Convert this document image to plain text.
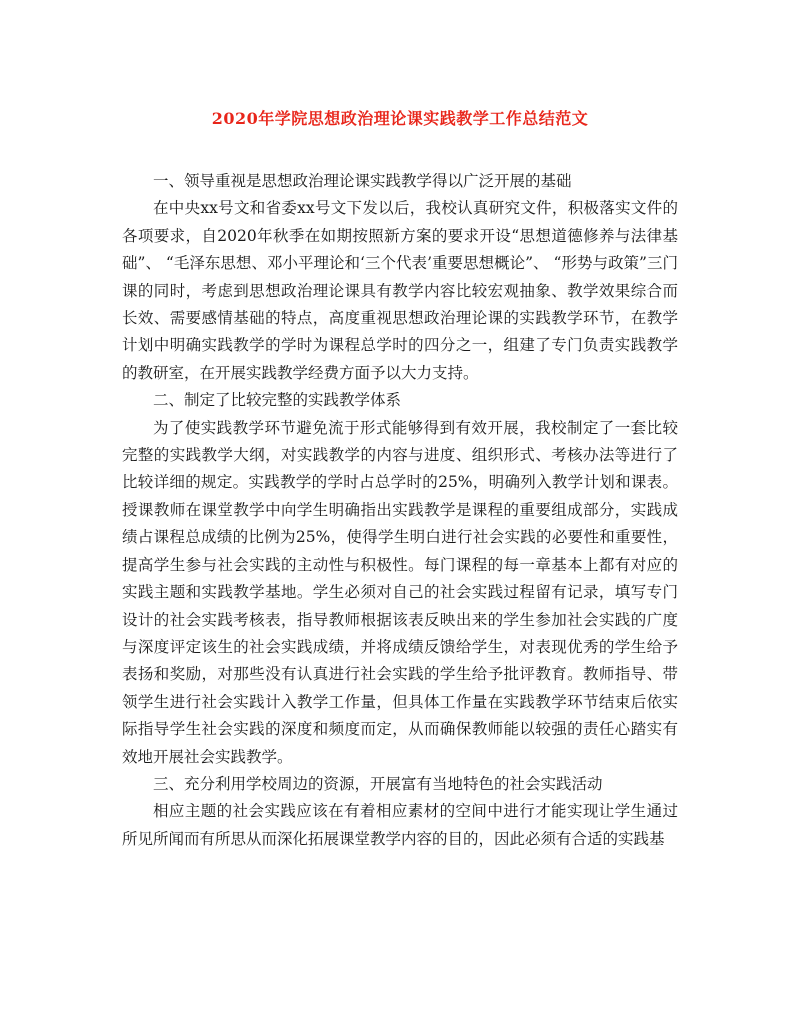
2020年学院思想政治理论课实践教学工作总结范文

一、领导重视是思想政治理论课实践教学得以广泛开展的基础

在中央xx号文和省委xx号文下发以后，我校认真研究文件，积极落实文件的各项要求，自2020年秋季在如期按照新方案的要求开设“思想道德修养与法律基础”、 “毛泽东思想、邓小平理论和‘三个代表’重要思想概论”、 “形势与政策”三门课的同时，考虑到思想政治理论课具有教学内容比较宏观抽象、教学效果综合而长效、需要感情基础的特点，高度重视思想政治理论课的实践教学环节，在教学计划中明确实践教学的学时为课程总学时的四分之一，组建了专门负责实践教学的教研室，在开展实践教学经费方面予以大力支持。

二、制定了比较完整的实践教学体系

为了使实践教学环节避免流于形式能够得到有效开展，我校制定了一套比较完整的实践教学大纲，对实践教学的内容与进度、组织形式、考核办法等进行了比较详细的规定。实践教学的学时占总学时的25%，明确列入教学计划和课表。授课教师在课堂教学中向学生明确指出实践教学是课程的重要组成部分，实践成绩占课程总成绩的比例为25%，使得学生明白进行社会实践的必要性和重要性，提高学生参与社会实践的主动性与积极性。每门课程的每一章基本上都有对应的实践主题和实践教学基地。学生必须对自己的社会实践过程留有记录，填写专门设计的社会实践考核表，指导教师根据该表反映出来的学生参加社会实践的广度与深度评定该生的社会实践成绩，并将成绩反馈给学生，对表现优秀的学生给予表扬和奖励，对那些没有认真进行社会实践的学生给予批评教育。教师指导、带领学生进行社会实践计入教学工作量，但具体工作量在实践教学环节结束后依实际指导学生社会实践的深度和频度而定，从而确保教师能以较强的责任心踏实有效地开展社会实践教学。

三、充分利用学校周边的资源，开展富有当地特色的社会实践活动

相应主题的社会实践应该在有着相应素材的空间中进行才能实现让学生通过所见所闻而有所思从而深化拓展课堂教学内容的目的，因此必须有合适的实践基
